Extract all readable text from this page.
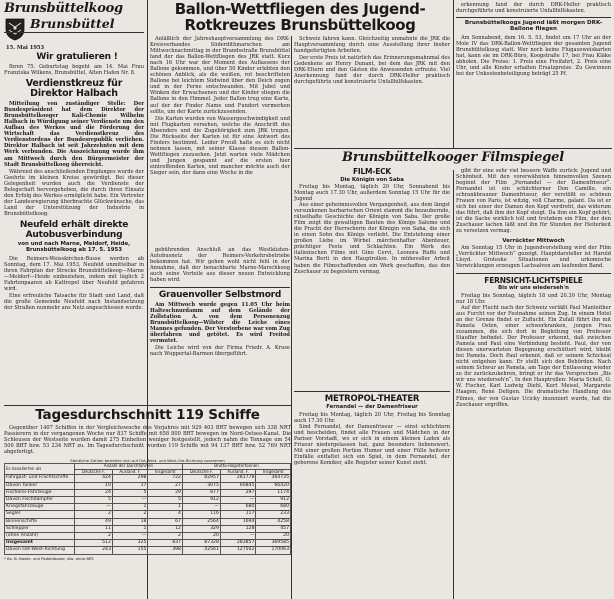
Brunsbüttelkoog
Brunsbüttel
15. Mai 1953
Wir gratulieren !

Ihren 75. Geburtstag begeht am 14. Mai Frau Franziska Wilkens, Brunsbüttel, Alten Hafen Nr. 8.

Verdienstkreuz für Direktor Halbach

Mitteilung von zuständiger Stelle: Der Bundespräsident hat dem Direktor der Brunsbüttelkooger Kali-Chemie Wilhelm Halbach in Würdigung seiner Verdienste um den Aufbau des Werkes und die Förderung der Wirtschaft das Verdienstkreuz des Verdienstordens der Bundesrepublik verliehen. Direktor Halbach ist seit Jahrzehnten mit dem Werk verbunden. Die Auszeichnung wurde ihm am Mittwoch durch den Bürgermeister der Stadt Brunsbüttelkoog überreicht.

Während des anschließenden Empfanges wurde der Geehrte im kleinen Kreise gewürdigt. Bei dieser Gelegenheit wurden auch die Verdienste der Belegschaft hervorgehoben, die durch ihren Einsatz den Erfolg des Werkes ermöglicht habe. Ein Vertreter der Landesregierung überbrachte Glückwünsche, das Land der Unterstützung der Industrie in Brunsbüttelkoog.

Neufeld erhält direkte Autobusverbindung
von und nach Marne, Meldorf, Heide, Brunsbüttelkoog ab 17. 5. 1953

Die Reimers-Weisskirchen-Busse werden ab Sonntag, dem 17. Mai 1953, Neufeld unmittelbar in ihren Fahrplan der Strecke Brunsbüttelkoog—Marne—Meldorf—Heide einbeziehen, indem mit täglich 2 Fahrtenpaaren ab Kattrepel über Neufeld gefahren wird.

Eine erfreuliche Tatsache für Stadt und Land, daß die große Gemeinde Neufeld nach Instandsetzung der Straßen nunmehr ans Netz angeschlossen wurde.

Ballon-Wettfliegen des Jugend-
Rotkreuzes Brunsbüttelkoog

Anläßlich der Jahreshauptversammlung des DRK-Kreisverbandes Süderdithmarschen am Mittwochnachmittag in der Brandsstraße Brunsbüttel fand der das Ballon-Wettfliegen des JRK statt. Kurz nach 16 Uhr war der Moment des Auflassens der Ballone gekommen, und über 50 Kinder erlebten den schönen Anblick, als die weißen, rot beschrifteten Ballone bei leichtem Südwind über den Deich zogen und in der Ferne entschwanden. Mit Jubel und Winken der Erwachsenen und der Kinder stiegen die Ballone in den Himmel. Jeder Ballon trug eine Karte, auf der der Finder Name und Fundort vermerken sollte, um der Karte zurückzusenden.

Die Karten wurden von Wassergeschwindigkeit und mit Flugkarten versehen, welche die Anschrift des Absenders und die Zugehörigkeit zum JRK trugen. Die Rückseite der Karten ist für eine Antwort des Finders bestimmt. Leider Preuß halte es sich nicht nehmen lassen, mit seiner Klasse diesem Ballon-Wettfliegen zuzusehen. Jetzt warten viele Mädchen und Jungen gespannt auf die ersten hier eintreffenden Karten, und mancher möchte auch der Sieger sein, der dann eine Woche in die

gebührenden Anschluß an das Westküsten-Autobusnetz der Reimers-Verkehrsbetriebe bekommen hat. Wir gehen wohl nicht fehl in der Annahme, daß der benachbarte Marne-Marschkoog auch seine Vorteile aus dieser neuen Entwicklung haben wird.

Grauenvoller Selbstmord

Am Mittwoch wurde gegen 11.05 Uhr beim Halteschnurdamm auf dem Gelände der Zollstation A. von dem Personenzug Brunsbüttelkoog—Wilster die Leiche eines Mannes gefunden. Der Verstorbene war vom Zug überfahren und getötet. Es wird Freitod vermutet.

Die Leiche wird von der Firma Friedr. A. Kruse nach Wuppertal-Barmen übergeführt.

Tagesdurchschnitt 119 Schiffe

Gegenüber 1407 Schiffen in der Vergleichswoche des Vorjahres mit 929 403 BRT bewegen sich 338 NRT Passierern in der vergangenen Woche nur 837 Schiffe mit 658 800 BRT bewegen im Nord-Ostsee-Kanal. Die Schleusen der Westseite wurden damit 275 Einheiten weniger festgestellt, jedoch nahm die Tonnage um 54 500 BRT bzw. 53 234 NRT zu. Im Tagesdurchschnitt wurden 119 Schiffe mit 94 137 BRT bzw. 52 769 NRT abgefertigt.

Sämtliche Zahlen beziehen sich auf Ost-West- und West-Ost-Richtung zusammen
Es kanalierten als	Anzahl der Durchfahrten			Brutto-Registertonnen		
	Deutsche F.	Ausländ. F.	Insgesamt	Deutsche F.	Ausländ. F.	Insgesamt
Fahrgast- und Frachtschiffe	424	298	722	82957	281778	364735
Davon Tanker	10	17	27	3075	60845	66420
Fischerei-Fahrzeuge	24	5	29	877	297	1174
Davon Fischdampfer	5	—	5	912	—	912
Kriegsfahrzeuge	—	1	1	—	680	680
Segler	2	2	4	116	117	233
Binnenschiffe	49	18	67	2564	1694	4258
Schlepper	11	1	12	329	128	457
(ohne Anzahl)	2	—	2	20	—	20
Insgesamt	512	325	837	87328	283857	369585
Davon Ost-West-Richtung	243	155	398	42561	127502	170063
* Bz. B. Bader- und Paddelboote, dto. ohne BRT.

Schweiz fahren kann. Gleichzeitig unmahnte die JRK die Hauptversammlung durch eine Ausstellung ihrer bisher handgefertigten Arbeiten.

Der erste Preis ist natürlich das Erinnerungsmahnmal des Gedenkens an Henry Dunant, bei dem das JRK mit den DRK-Eltern und den Gästen die Anwesenden erfreute. Viel Anerkennung fand der durch DRK-Helfer praktisch durchgeführte und konstruierte Unfallhilfskasten.

erkennung fand der durch DRK-Helfer praktisch durchgeführte und konstruierte Unfallhilfskasten.

Brunsbüttelkoogs Jugend läßt morgen DRK-Ballone fliegen

Am Sonnabend, dem 16. 5. 53, findet um 17 Uhr an der Mole IV das DRK-Ballon-Wettfliegen der gesamten Jugend Brunsbüttelkoog statt. Wer noch keine Flugausweiskarten hat, kann sie im DRK-Büro, Koogstraße 17, bei Frau Kläke abholen. Die Preise: 1. Preis eine Freifahrt, 2. Preis eine Uhr, und alle Kinder erhalten Ersatzpreise. Zu Gewinnen bei der Unkostenbeteiligung beträgt 25 Pf.

Brunsbüttelkooger Filmspiegel
FILM-ECK
Die Königin von Saba

Freitag bis Montag, täglich 20 Uhr, Sonnabend bis Montag auch 17.30 Uhr, außerdem Sonntag 15 Uhr für die Jugend

Aus einer geheimnisvollen Vergangenheit, aus dem längst versunkenen barbarischen Orient stammt die bezaubernde, rätselhafte Geschichte der Königin von Saba. Der große Film zeigt die gewaltigen Bauten des Königs Salomo und die Pracht der Herrscherin der Königin von Saba, die sich in einen Sohn des Königs verliebt. Die Entstehung einer großen Liebe im Wirbel märchenhafter Abenteuer, prächtiger Feste und Schlachten. Ein Werk des italienischen Films mit Gino Cervi, Leonora Ruffo und Marina Berti in den Hauptrollen. In mühevoller Arbeit haben die Filmschaffenden ein Werk geschaffen, das den Zuschauer zu begeistern vermag.

METROPOL-THEATER
Fernandel — der Damenfriseur

Freitag bis Montag, täglich 20 Uhr, Freitag bis Sonntag auch 17.30 Uhr.

Sind Fernandel, der Damenfriseur — einst schüchtern und bescheiden, findet alle Frauen und Mädchen in der Pariser Vorstadt, wo er sich in einem kleinen Laden als Friseur niedergelassen hat, ganz besonders liebenswert. Mit einer großen Portion Humor und einer Fülle heiterer Einfälle entfaltet sich ein Spiel, in dem Fernandel, der geborene Komiker, alle Register seiner Kunst zieht.

gibt ihr eine sehr viel bessere Waffe zurück: Jugend und Schönheit. Mit den vorerwähnten hinnemvollen Szenen beginnt der Film „Fernandel — der Damenfriseur“. Fernandel ist ein schüchterner Don Camillo, ein schrankbrauner Damenfriseur, der verstößt es schönen Frauen von Paris, ist witzig, voll Charme, galant. Da ist er sich bei einer der Damen den Kopf verdreht, das widerum das führt, daß ihm der Kopf steigt. Da ihm ein Kopf gehört, ist die Sache wirklich toll und trotzdem ein Film, der den Zuschauer lachen läßt und ihn für Stunden der Heiterkeit zu versetzen vermag.

Verrückter Mittwoch

Am Sonntag 15 Uhr in Jugendvorstellung wird der Film „Verrückter Mittwoch“ gezeigt. Hauptdarsteller ist Harold Lloyd. Groteske Situationen und urkomische Verwicklungen erzeugen Lachsalven am laufenden Band.

FERNSICHT-LICHTSPIELE
Bis wir uns wiederseh'n

Freitag bis Sonntag, täglich 18 und 20.30 Uhr, Montag nur 18 Uhr.

Auf der Flucht nach der Schweiz verläßt Paul Manleither aus Furcht vor der Festnahme seinen Zug. In einem Hotel an der Grenze findet er Zuflucht. Ein Zufall führt ihn mit Pamela Osten, einer schwerkranken, jungen Frau zusammen, die sich dort in Begleitung von Professor Stauffer befindet. Der Professor erkennt, daß zwischen Pamela und Paul eine Verbindung besteht. Paul, der von diesen unerwarteten Begegnung erschüttert wird, bleibt bei Pamela. Doch Paul erkennt, daß er seinem Schicksal nicht entgehen kann. Er stellt sich den Behörden. Nach seinem Schwur an Pamela, am Tage der Entlassung wieder zu ihr zurückzukehren, bringt er ihr das Versprechen „Bis wir uns wiederseh'n“. In den Hauptrollen: Maria Schell, O. W. Fischer, Karl Ludwig Diehl, Kurt Meisel, Margarete Haagen, René Deltgen. Die dramatische Handlung des Filmes, der von Gustav Ucicky inszeniert wurde, hat die Zuschauer ergriffen.
